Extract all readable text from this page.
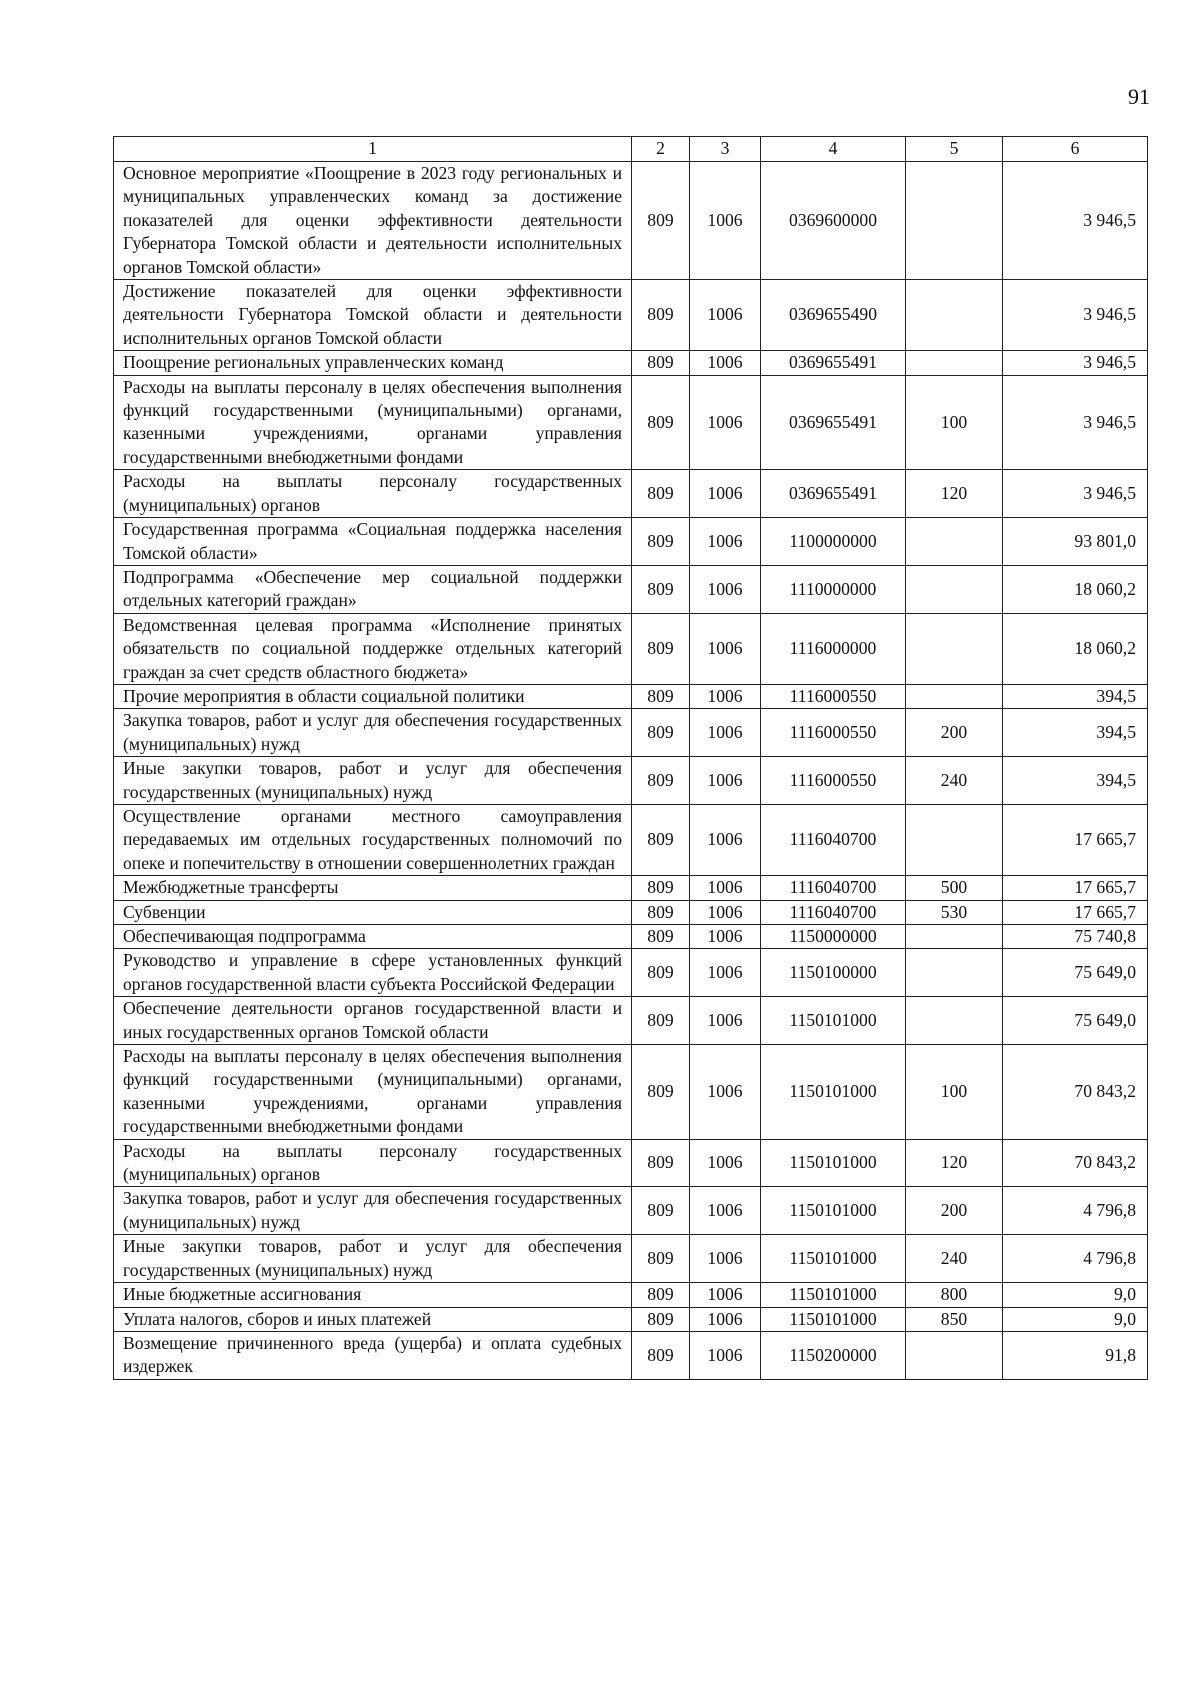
91
1	2	3	4	5	6
Основное мероприятие «Поощрение в 2023 году региональных и муниципальных управленческих команд за достижение показателей для оценки эффективности деятельности Губернатора Томской области и деятельности исполнительных органов Томской области»	809	1006	0369600000		3 946,5
Достижение показателей для оценки эффективности деятельности Губернатора Томской области и деятельности исполнительных органов Томской области	809	1006	0369655490		3 946,5
Поощрение региональных управленческих команд	809	1006	0369655491		3 946,5
Расходы на выплаты персоналу в целях обеспечения выполнения функций государственными (муниципальными) органами, казенными учреждениями, органами управления государственными внебюджетными фондами	809	1006	0369655491	100	3 946,5
Расходы на выплаты персоналу государственных (муниципальных) органов	809	1006	0369655491	120	3 946,5
Государственная программа «Социальная поддержка населения Томской области»	809	1006	1100000000		93 801,0
Подпрограмма «Обеспечение мер социальной поддержки отдельных категорий граждан»	809	1006	1110000000		18 060,2
Ведомственная целевая программа «Исполнение принятых обязательств по социальной поддержке отдельных категорий граждан за счет средств областного бюджета»	809	1006	1116000000		18 060,2
Прочие мероприятия в области социальной политики	809	1006	1116000550		394,5
Закупка товаров, работ и услуг для обеспечения государственных (муниципальных) нужд	809	1006	1116000550	200	394,5
Иные закупки товаров, работ и услуг для обеспечения государственных (муниципальных) нужд	809	1006	1116000550	240	394,5
Осуществление органами местного самоуправления передаваемых им отдельных государственных полномочий по опеке и попечительству в отношении совершеннолетних граждан	809	1006	1116040700		17 665,7
Межбюджетные трансферты	809	1006	1116040700	500	17 665,7
Субвенции	809	1006	1116040700	530	17 665,7
Обеспечивающая подпрограмма	809	1006	1150000000		75 740,8
Руководство и управление в сфере установленных функций органов государственной власти субъекта Российской Федерации	809	1006	1150100000		75 649,0
Обеспечение деятельности органов государственной власти и иных государственных органов Томской области	809	1006	1150101000		75 649,0
Расходы на выплаты персоналу в целях обеспечения выполнения функций государственными (муниципальными) органами, казенными учреждениями, органами управления государственными внебюджетными фондами	809	1006	1150101000	100	70 843,2
Расходы на выплаты персоналу государственных (муниципальных) органов	809	1006	1150101000	120	70 843,2
Закупка товаров, работ и услуг для обеспечения государственных (муниципальных) нужд	809	1006	1150101000	200	4 796,8
Иные закупки товаров, работ и услуг для обеспечения государственных (муниципальных) нужд	809	1006	1150101000	240	4 796,8
Иные бюджетные ассигнования	809	1006	1150101000	800	9,0
Уплата налогов, сборов и иных платежей	809	1006	1150101000	850	9,0
Возмещение причиненного вреда (ущерба) и оплата судебных издержек	809	1006	1150200000		91,8
